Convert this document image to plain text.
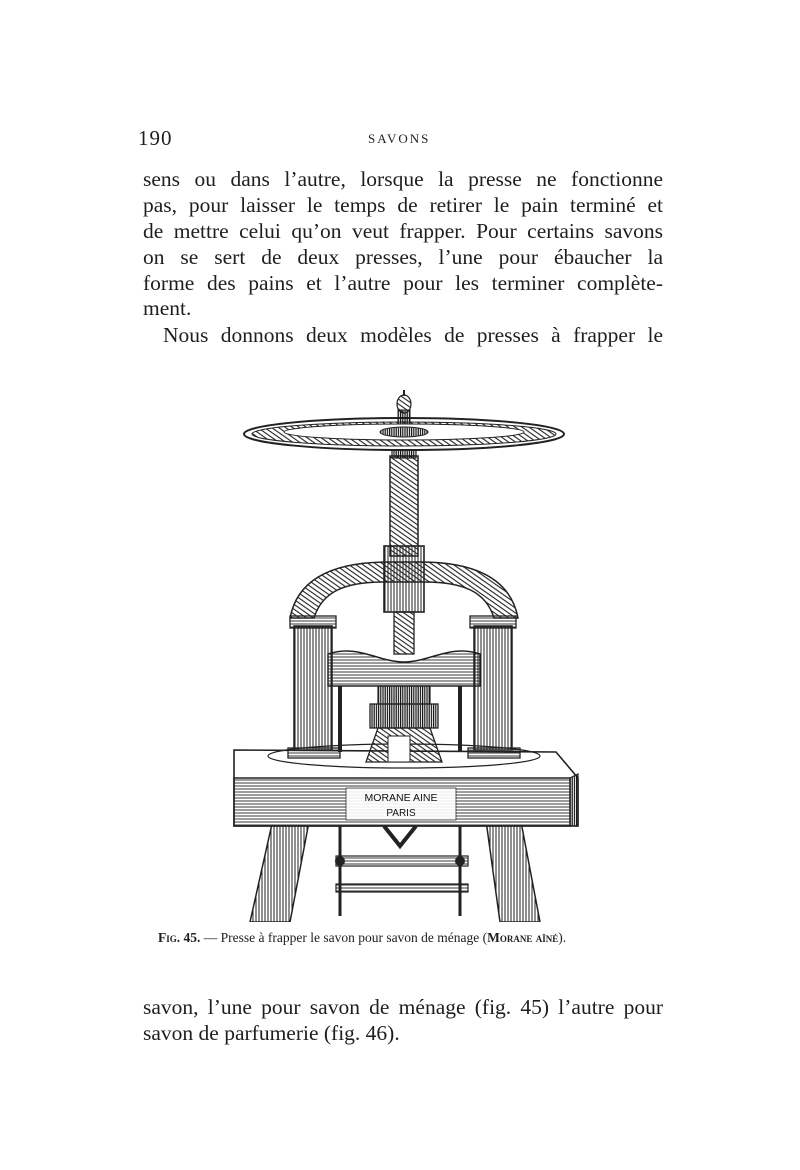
190	SAVONS
sens ou dans l’autre, lorsque la presse ne fonctionne
pas, pour laisser le temps de retirer le pain terminé et
de mettre celui qu’on veut frapper. Pour certains savons
on se sert de deux presses, l’une pour ébaucher la
forme des pains et l’autre pour les terminer complète-
ment.
Nous donnons deux modèles de presses à frapper le
MORANE AINE
PARIS
Fig. 45. — Presse à frapper le savon pour savon de ménage (Morane aîné).
savon, l’une pour savon de ménage (fig. 45) l’autre pour
savon de parfumerie (fig. 46).
